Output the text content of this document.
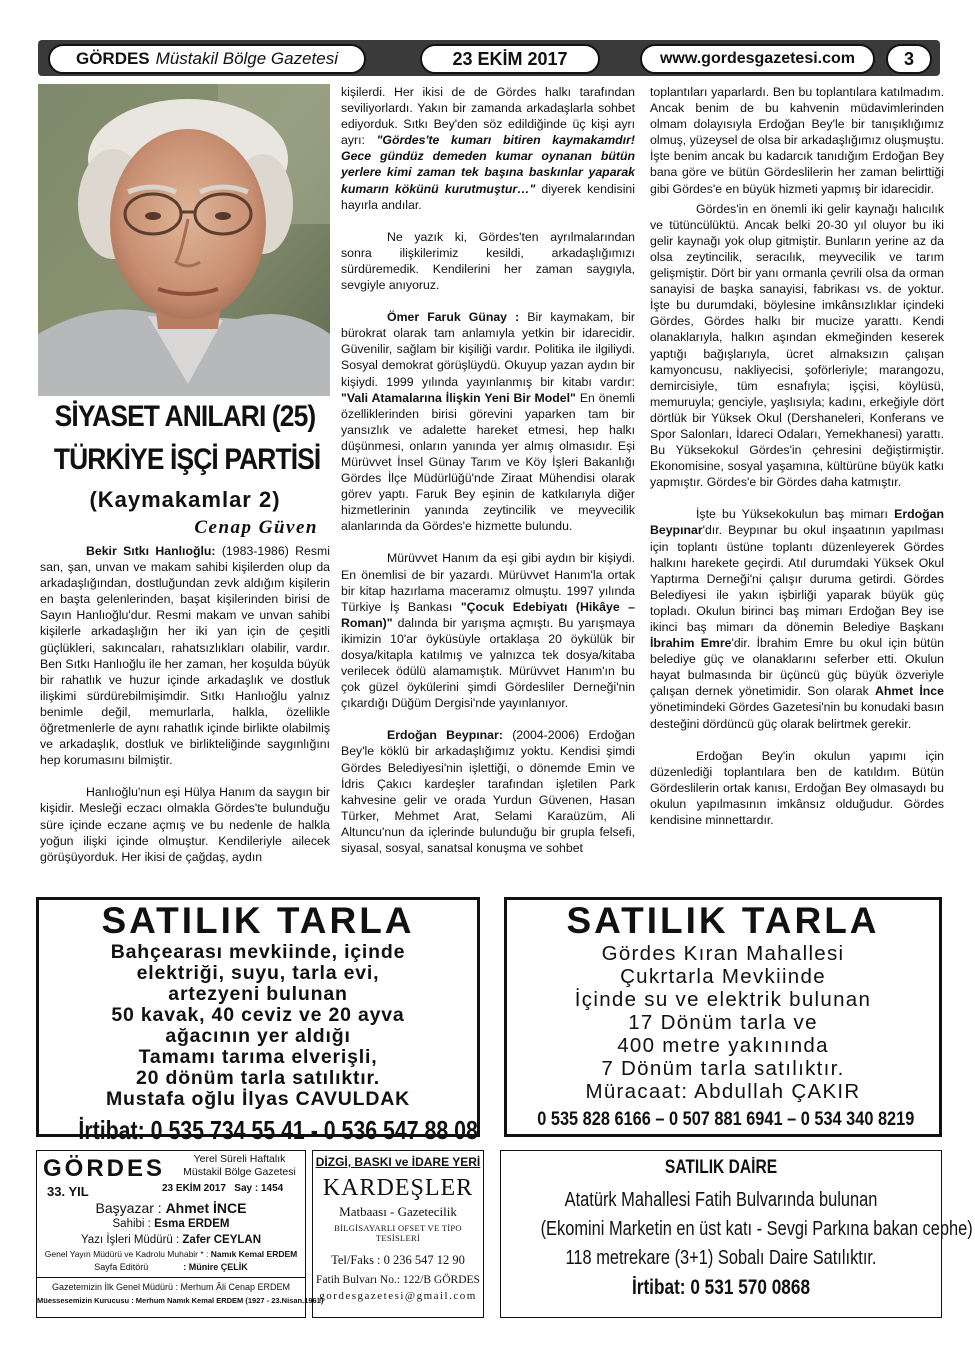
GÖRDES Müstakil Bölge Gazetesi	23 EKİM 2017	www.gordesgazetesi.com	3
SİYASET ANILARI (25)
TÜRKİYE İŞÇİ PARTİSİ
(Kaymakamlar 2)
Cenap Güven

Bekir Sıtkı Hanlıoğlu: (1983-1986) Resmi san, şan, unvan ve makam sahibi kişilerden olup da arkadaşlığından, dostluğundan zevk aldığım kişilerin en başta gelenlerinden, başat kişilerinden birisi de Sayın Hanlıoğlu'dur. Resmi makam ve unvan sahibi kişilerle arkadaşlığın her iki yan için de çeşitli güçlükleri, sakıncaları, rahatsızlıkları olabilir, vardır. Ben Sıtkı Hanlıoğlu ile her zaman, her koşulda büyük bir rahatlık ve huzur içinde arkadaşlık ve dostluk ilişkimi sürdürebilmişimdir. Sıtkı Hanlıoğlu yalnız benimle değil, memurlarla, halkla, özellikle öğretmenlerle de aynı rahatlık içinde birlikte olabilmiş ve arkadaşlık, dostluk ve birlikteliğinde saygınlığını hep korumasını bilmiştir.

Hanlıoğlu'nun eşi Hülya Hanım da saygın bir kişidir. Mesleği eczacı olmakla Gördes'te bulunduğu süre içinde eczane açmış ve bu nedenle de halkla yoğun ilişki içinde olmuştur. Kendileriyle ailecek görüşüyorduk. Her ikisi de çağdaş, aydın

kişilerdi. Her ikisi de de Gördes halkı tarafından seviliyorlardı. Yakın bir zamanda arkadaşlarla sohbet ediyorduk. Sıtkı Bey'den söz edildiğinde üç kişi ayrı ayrı: "Gördes'te kumarı bitiren kaymakamdır! Gece gündüz demeden kumar oynanan bütün yerlere kimi zaman tek başına baskınlar yaparak kumarın kökünü kurutmuştur…" diyerek kendisini hayırla andılar.

Ne yazık ki, Gördes'ten ayrılmalarından sonra ilişkilerimiz kesildi, arkadaşlığımızı sürdüremedik. Kendilerini her zaman saygıyla, sevgiyle anıyoruz.

Ömer Faruk Günay : Bir kaymakam, bir bürokrat olarak tam anlamıyla yetkin bir idarecidir. Güvenilir, sağlam bir kişiliği vardır. Politika ile ilgiliydi. Sosyal demokrat görüşlüydü. Okuyup yazan aydın bir kişiydi. 1999 yılında yayınlanmış bir kitabı vardır: "Vali Atamalarına İlişkin Yeni Bir Model" En önemli özelliklerinden birisi görevini yaparken tam bir yansızlık ve adalette hareket etmesi, hep halkı düşünmesi, onların yanında yer almış olmasıdır. Eşi Mürüvvet İnsel Günay Tarım ve Köy İşleri Bakanlığı Gördes İlçe Müdürlüğü'nde Ziraat Mühendisi olarak görev yaptı. Faruk Bey eşinin de katkılarıyla diğer hizmetlerinin yanında zeytincilik ve meyvecilik alanlarında da Gördes'e hizmette bulundu.

Mürüvvet Hanım da eşi gibi aydın bir kişiydi. En önemlisi de bir yazardı. Mürüvvet Hanım'la ortak bir kitap hazırlama maceramız olmuştu. 1997 yılında Türkiye İş Bankası "Çocuk Edebiyatı (Hikâye – Roman)" dalında bir yarışma açmıştı. Bu yarışmaya ikimizin 10'ar öyküsüyle ortaklaşa 20 öykülük bir dosya/kitapla katılmış ve yalnızca tek dosya/kitaba verilecek ödülü alamamıştık. Mürüvvet Hanım'ın bu çok güzel öykülerini şimdi Gördesliler Derneği'nin çıkardığı Düğüm Dergisi'nde yayınlanıyor.

Erdoğan Beypınar: (2004-2006) Erdoğan Bey'le köklü bir arkadaşlığımız yoktu. Kendisi şimdi Gördes Belediyesi'nin işlettiği, o dönemde Emin ve İdris Çakıcı kardeşler tarafından işletilen Park kahvesine gelir ve orada Yurdun Güvenen, Hasan Türker, Mehmet Arat, Selami Karaüzüm, Ali Altuncu'nun da içlerinde bulunduğu bir grupla felsefi, siyasal, sosyal, sanatsal konuşma ve sohbet

toplantıları yaparlardı. Ben bu toplantılara katılmadım. Ancak benim de bu kahvenin müdavimlerinden olmam dolayısıyla Erdoğan Bey'le bir tanışıklığımız olmuş, yüzeysel de olsa bir arkadaşlığımız oluşmuştu. İşte benim ancak bu kadarcık tanıdığım Erdoğan Bey bana göre ve bütün Gördeslilerin her zaman belirttiği gibi Gördes'e en büyük hizmeti yapmış bir idarecidir.

Gördes'in en önemli iki gelir kaynağı halıcılık ve tütüncülüktü. Ancak belki 20-30 yıl oluyor bu iki gelir kaynağı yok olup gitmiştir. Bunların yerine az da olsa zeytincilik, seracılık, meyvecilik ve tarım gelişmiştir. Dört bir yanı ormanla çevrili olsa da orman sanayisi de başka sanayisi, fabrikası vs. de yoktur. İşte bu durumdaki, böylesine imkânsızlıklar içindeki Gördes, Gördes halkı bir mucize yarattı. Kendi olanaklarıyla, halkın aşından ekmeğinden keserek yaptığı bağışlarıyla, ücret almaksızın çalışan kamyoncusu, nakliyecisi, şoförleriyle; marangozu, demircisiyle, tüm esnafıyla; işçisi, köylüsü, memuruyla; genciyle, yaşlısıyla; kadını, erkeğiyle dört dörtlük bir Yüksek Okul (Dershaneleri, Konferans ve Spor Salonları, İdareci Odaları, Yemekhanesi) yarattı. Bu Yüksekokul Gördes'in çehresini değiştirmiştir. Ekonomisine, sosyal yaşamına, kültürüne büyük katkı yapmıştır. Gördes'e bir Gördes daha katmıştır.

İşte bu Yüksekokulun baş mimarı Erdoğan Beypınar'dır. Beypınar bu okul inşaatının yapılması için toplantı üstüne toplantı düzenleyerek Gördes halkını harekete geçirdi. Atıl durumdaki Yüksek Okul Yaptırma Derneği'ni çalışır duruma getirdi. Gördes Belediyesi ile yakın işbirliği yaparak büyük güç topladı. Okulun birinci baş mimarı Erdoğan Bey ise ikinci baş mimarı da dönemin Belediye Başkanı İbrahim Emre'dir. İbrahim Emre bu okul için bütün belediye güç ve olanaklarını seferber etti. Okulun hayat bulmasında bir üçüncü güç büyük özveriyle çalışan dernek yönetimidir. Son olarak Ahmet İnce yönetimindeki Gördes Gazetesi'nin bu konudaki basın desteğini dördüncü güç olarak belirtmek gerekir.

Erdoğan Bey'in okulun yapımı için düzenlediği toplantılara ben de katıldım. Bütün Gördeslilerin ortak kanısı, Erdoğan Bey olmasaydı bu okulun yapılmasının imkânsız olduğudur. Gördes kendisine minnettardır.

SATILIK TARLA
Bahçearası mevkiinde, içinde
elektriği, suyu, tarla evi,
artezyeni bulunan
50 kavak, 40 ceviz ve 20 ayva
ağacının yer aldığı
Tamamı tarıma elverişli,
20 dönüm tarla satılıktır.
Mustafa oğlu İlyas CAVULDAK
İrtibat: 0 535 734 55 41 - 0 536 547 88 08
SATILIK TARLA
Gördes Kıran Mahallesi
Çukrtarla Mevkiinde
İçinde su ve elektrik bulunan
17 Dönüm tarla ve
400 metre yakınında
7 Dönüm tarla satılıktır.
Müracaat: Abdullah ÇAKIR
0 535 828 6166 – 0 507 881 6941 – 0 534 340 8219
GÖRDES	Yerel Süreli Haftalık
Müstakil Bölge Gazetesi
33. YIL	23 EKİM 2017 Say : 1454
Başyazar : Ahmet İNCE
Sahibi : Esma ERDEM
Yazı İşleri Müdürü : Zafer CEYLAN
Genel Yayın Müdürü ve Kadrolu Muhabir * : Namık Kemal ERDEM
Sayfa Editörü	: Münire ÇELİK
Gazetemizin İlk Genel Müdürü : Merhum Âli Cenap ERDEM
Müessesemizin Kurucusu : Merhum Namık Kemal ERDEM (1927 - 23.Nisan.1961)
DİZGİ, BASKI ve İDARE YERİ
KARDEŞLER
Matbaası - Gazetecilik
BİLGİSAYARLI OFSET VE TİPO TESİSLERİ
Tel/Faks : 0 236 547 12 90
Fatih Bulvarı No.: 122/B GÖRDES
gordesgazetesi@gmail.com
SATILIK DAİRE
Atatürk Mahallesi Fatih Bulvarında bulunan
(Ekomini Marketin en üst katı - Sevgi Parkına bakan cephe)
118 metrekare (3+1) Sobalı Daire Satılıktır.
İrtibat: 0 531 570 0868
